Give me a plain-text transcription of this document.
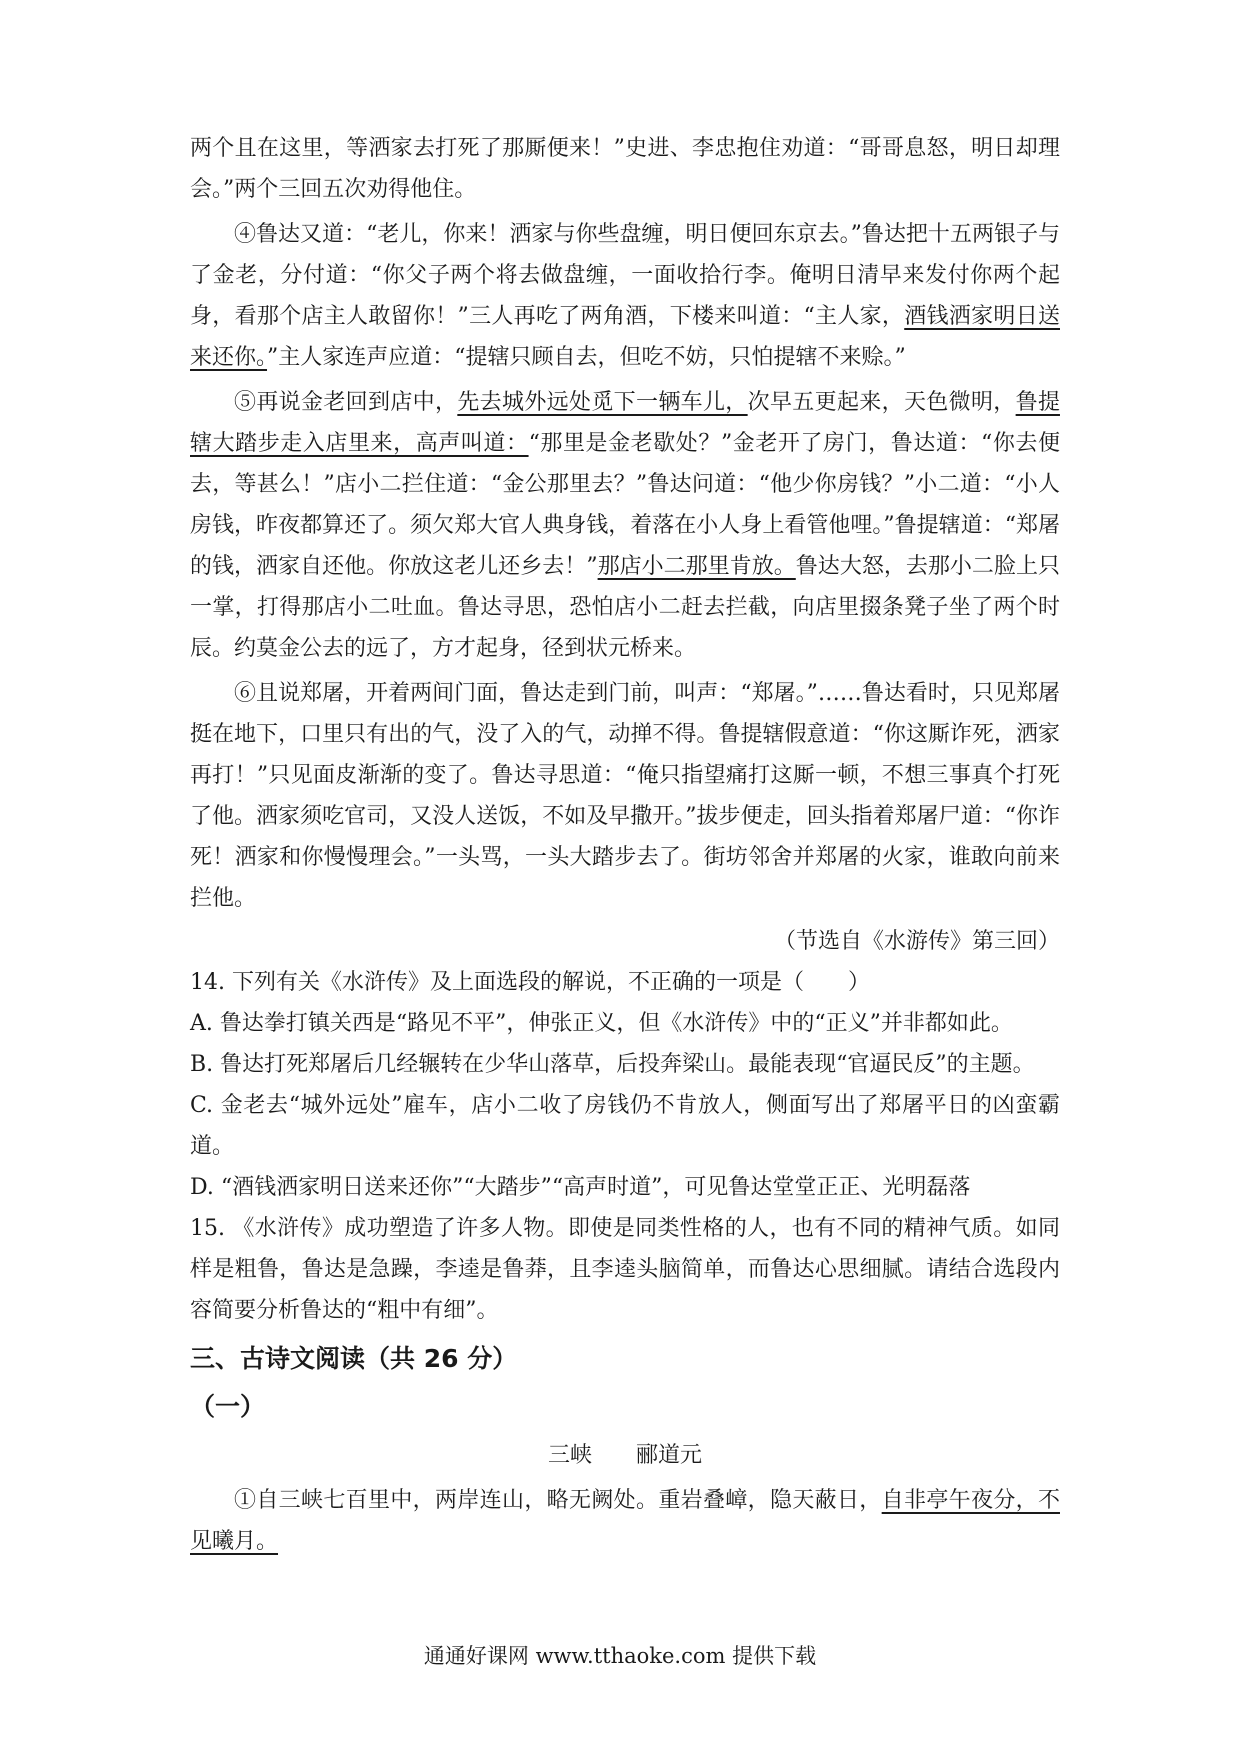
两个且在这里，等洒家去打死了那厮便来！”史进、李忠抱住劝道：“哥哥息怒，明日却理会。”两个三回五次劝得他住。

④鲁达又道：“老儿，你来！洒家与你些盘缠，明日便回东京去。”鲁达把十五两银子与了金老，分付道：“你父子两个将去做盘缠，一面收拾行李。俺明日清早来发付你两个起身，看那个店主人敢留你！”三人再吃了两角酒，下楼来叫道：“主人家，酒钱洒家明日送来还你。”主人家连声应道：“提辖只顾自去，但吃不妨，只怕提辖不来赊。”

⑤再说金老回到店中，先去城外远处觅下一辆车儿，次早五更起来，天色微明，鲁提辖大踏步走入店里来，高声叫道：“那里是金老歇处？”金老开了房门，鲁达道：“你去便去，等甚么！”店小二拦住道：“金公那里去？”鲁达问道：“他少你房钱？”小二道：“小人房钱，昨夜都算还了。须欠郑大官人典身钱，着落在小人身上看管他哩。”鲁提辖道：“郑屠的钱，洒家自还他。你放这老儿还乡去！”那店小二那里肯放。鲁达大怒，去那小二脸上只一掌，打得那店小二吐血。鲁达寻思，恐怕店小二赶去拦截，向店里掇条凳子坐了两个时辰。约莫金公去的远了，方才起身，径到状元桥来。

⑥且说郑屠，开着两间门面，鲁达走到门前，叫声：“郑屠。”……鲁达看时，只见郑屠挺在地下，口里只有出的气，没了入的气，动掸不得。鲁提辖假意道：“你这厮诈死，洒家再打！”只见面皮渐渐的变了。鲁达寻思道：“俺只指望痛打这厮一顿，不想三事真个打死了他。洒家须吃官司，又没人送饭，不如及早撒开。”拔步便走，回头指着郑屠尸道：“你诈死！洒家和你慢慢理会。”一头骂，一头大踏步去了。街坊邻舍并郑屠的火家，谁敢向前来拦他。

（节选自《水游传》第三回）

14. 下列有关《水浒传》及上面选段的解说，不正确的一项是（　　）

A. 鲁达拳打镇关西是“路见不平”，伸张正义，但《水浒传》中的“正义”并非都如此。

B. 鲁达打死郑屠后几经辗转在少华山落草，后投奔梁山。最能表现“官逼民反”的主题。

C. 金老去“城外远处”雇车，店小二收了房钱仍不肯放人，侧面写出了郑屠平日的凶蛮霸道。

D. “酒钱洒家明日送来还你”“大踏步”“高声时道”，可见鲁达堂堂正正、光明磊落

15. 《水浒传》成功塑造了许多人物。即使是同类性格的人，也有不同的精神气质。如同样是粗鲁，鲁达是急躁，李逵是鲁莽，且李逵头脑简单，而鲁达心思细腻。请结合选段内容简要分析鲁达的“粗中有细”。

三、古诗文阅读（共 26 分）

（一）

三峡 郦道元

①自三峡七百里中，两岸连山，略无阙处。重岩叠嶂，隐天蔽日，自非亭午夜分，不见曦月。

通通好课网 www.tthaoke.com 提供下载
